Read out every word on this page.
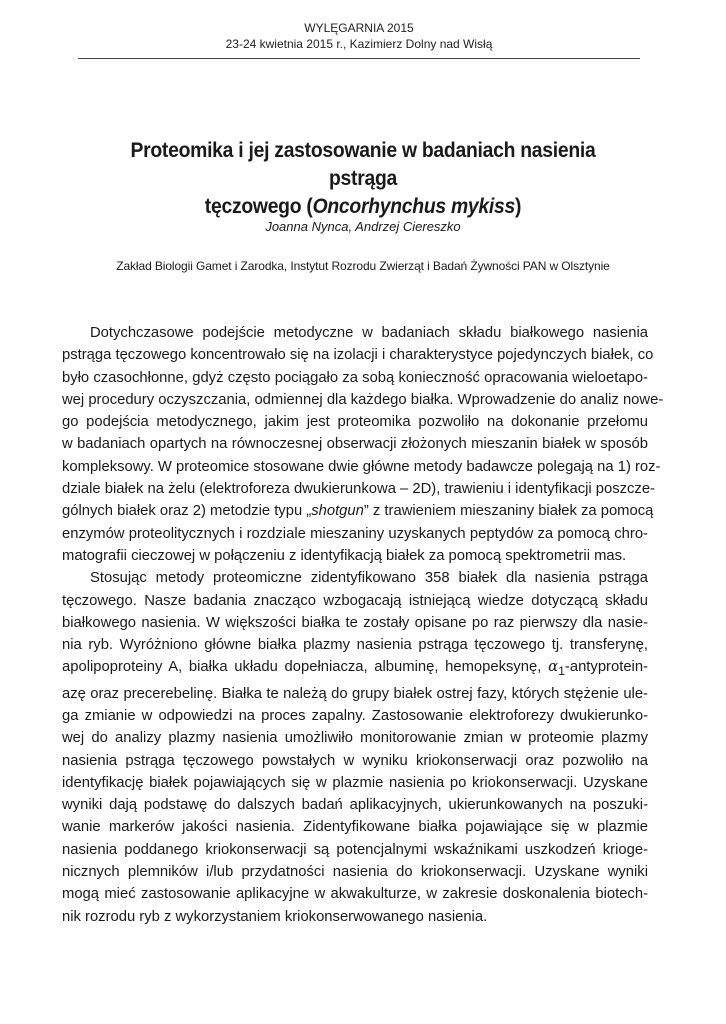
WYLĘGARNIA 2015
23-24 kwietnia 2015 r., Kazimierz Dolny nad Wisłą
Proteomika i jej zastosowanie w badaniach nasienia pstrąga
tęczowego (Oncorhynchus mykiss)
Joanna Nynca, Andrzej Ciereszko
Zakład Biologii Gamet i Zarodka, Instytut Rozrodu Zwierząt i Badań Żywności PAN w Olsztynie
Dotychczasowe podejście metodyczne w badaniach składu białkowego nasienia
pstrąga tęczowego koncentrowało się na izolacji i charakterystyce pojedynczych białek, co
było czasochłonne, gdyż często pociągało za sobą konieczność opracowania wieloetapo-
wej procedury oczyszczania, odmiennej dla każdego białka. Wprowadzenie do analiz nowe-
go podejścia metodycznego, jakim jest proteomika pozwoliło na dokonanie przełomu
w badaniach opartych na równoczesnej obserwacji złożonych mieszanin białek w sposób
kompleksowy. W proteomice stosowane dwie główne metody badawcze polegają na 1) roz-
dziale białek na żelu (elektroforeza dwukierunkowa – 2D), trawieniu i identyfikacji poszcze-
gólnych białek oraz 2) metodzie typu „shotgun” z trawieniem mieszaniny białek za pomocą
enzymów proteolitycznych i rozdziale mieszaniny uzyskanych peptydów za pomocą chro-
matografii cieczowej w połączeniu z identyfikacją białek za pomocą spektrometrii mas.
Stosując metody proteomiczne zidentyfikowano 358 białek dla nasienia pstrąga
tęczowego. Nasze badania znacząco wzbogacają istniejącą wiedze dotyczącą składu
białkowego nasienia. W większości białka te zostały opisane po raz pierwszy dla nasie-
nia ryb. Wyróżniono główne białka plazmy nasienia pstrąga tęczowego tj. transferynę,
apolipoproteiny A, białka układu dopełniacza, albuminę, hemopeksynę, $\alpha_1-antyprotein-$
azę oraz precerebelinę. Białka te należą do grupy białek ostrej fazy, których stężenie ule-
ga zmianie w odpowiedzi na proces zapalny. Zastosowanie elektroforezy dwukierunko-
wej do analizy plazmy nasienia umożliwiło monitorowanie zmian w proteomie plazmy
nasienia pstrąga tęczowego powstałych w wyniku kriokonserwacji oraz pozwoliło na
identyfikację białek pojawiających się w plazmie nasienia po kriokonserwacji. Uzyskane
wyniki dają podstawę do dalszych badań aplikacyjnych, ukierunkowanych na poszuki-
wanie markerów jakości nasienia. Zidentyfikowane białka pojawiające się w plazmie
nasienia poddanego kriokonserwacji są potencjalnymi wskaźnikami uszkodzeń kriogе-
nicznych plemników i/lub przydatności nasienia do kriokonserwacji. Uzyskane wyniki
mogą mieć zastosowanie aplikacyjne w akwakulturze, w zakresie doskonalenia biotech-
nik rozrodu ryb z wykorzystaniem kriokonserwowanego nasienia.
